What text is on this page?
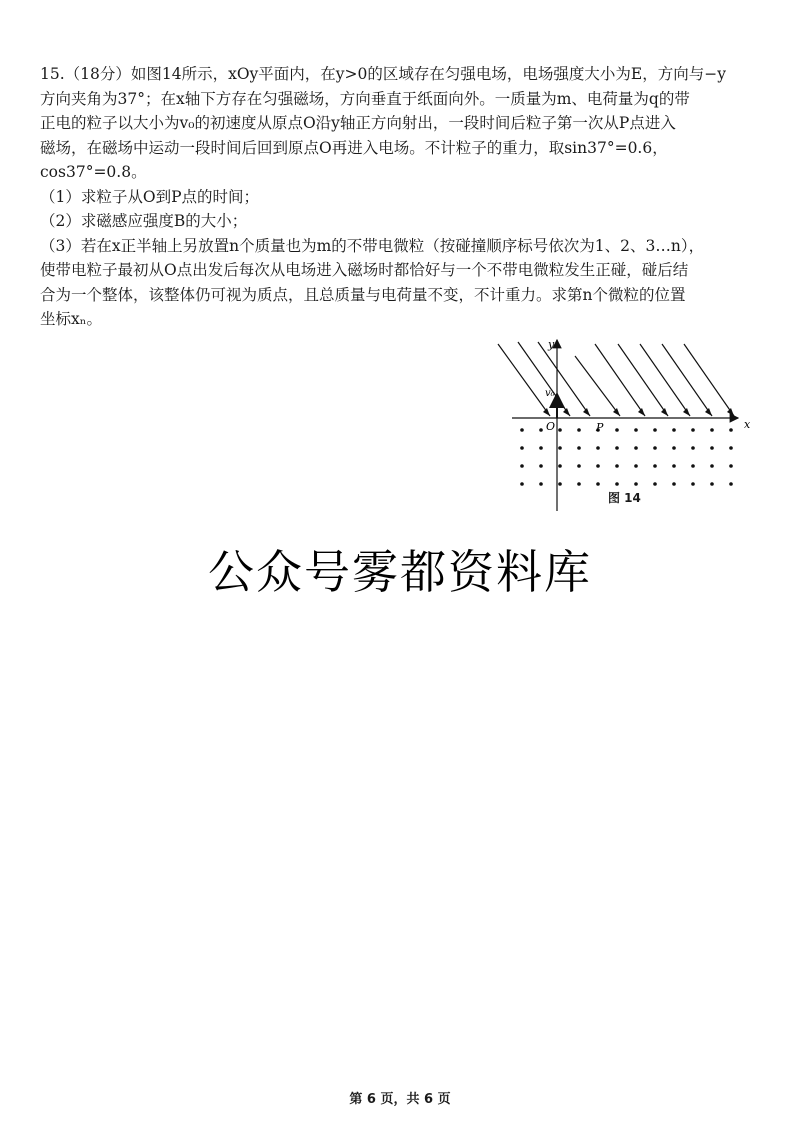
15.（18分）如图14所示，xOy平面内，在y>0的区域存在匀强电场，电场强度大小为E，方向与−y

方向夹角为37°；在x轴下方存在匀强磁场，方向垂直于纸面向外。一质量为m、电荷量为q的带

正电的粒子以大小为v₀的初速度从原点O沿y轴正方向射出，一段时间后粒子第一次从P点进入

磁场，在磁场中运动一段时间后回到原点O再进入电场。不计粒子的重力，取sin37°=0.6，

cos37°=0.8。

（1）求粒子从O到P点的时间；

（2）求磁感应强度B的大小；

（3）若在x正半轴上另放置n个质量也为m的不带电微粒（按碰撞顺序标号依次为1、2、3…n），

使带电粒子最初从O点出发后每次从电场进入磁场时都恰好与一个不带电微粒发生正碰，碰后结

合为一个整体，该整体仍可视为质点，且总质量与电荷量不变，不计重力。求第n个微粒的位置

坐标xₙ。

y
x
v₀
O	P
图 14
公众号雾都资料库
第 6 页，共 6 页
